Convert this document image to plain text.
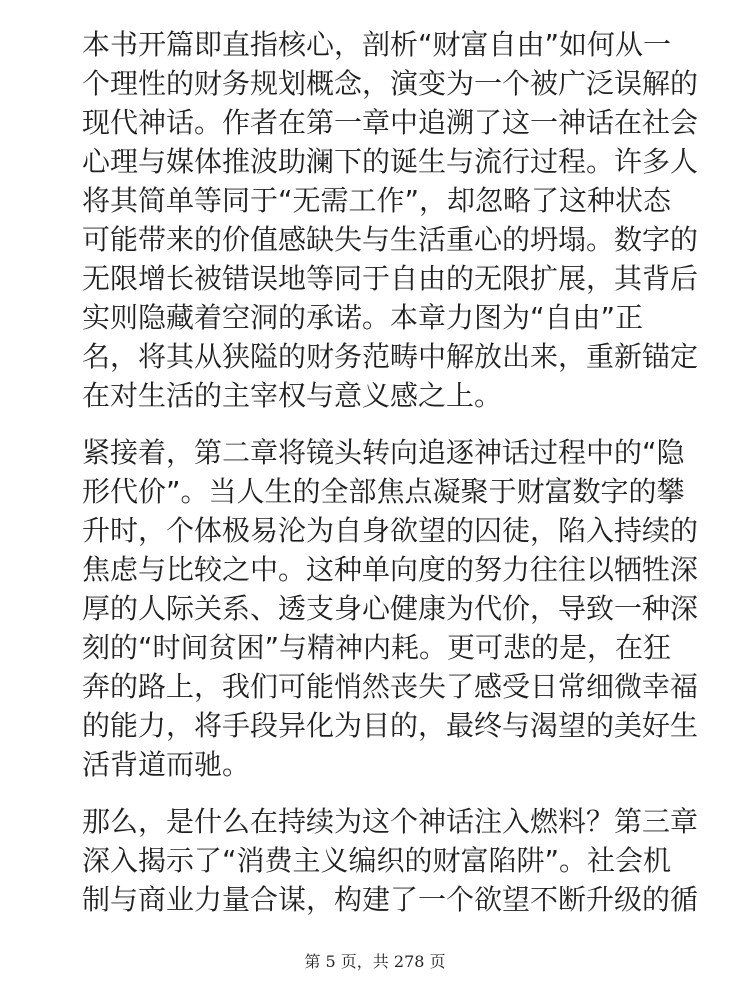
本书开篇即直指核心，剖析“财富自由”如何从一
个理性的财务规划概念，演变为一个被广泛误解的
现代神话。作者在第一章中追溯了这一神话在社会
心理与媒体推波助澜下的诞生与流行过程。许多人
将其简单等同于“无需工作”，却忽略了这种状态
可能带来的价值感缺失与生活重心的坍塌。数字的
无限增长被错误地等同于自由的无限扩展，其背后
实则隐藏着空洞的承诺。本章力图为“自由”正
名，将其从狭隘的财务范畴中解放出来，重新锚定
在对生活的主宰权与意义感之上。
紧接着，第二章将镜头转向追逐神话过程中的“隐
形代价”。当人生的全部焦点凝聚于财富数字的攀
升时，个体极易沦为自身欲望的囚徒，陷入持续的
焦虑与比较之中。这种单向度的努力往往以牺牲深
厚的人际关系、透支身心健康为代价，导致一种深
刻的“时间贫困”与精神内耗。更可悲的是，在狂
奔的路上，我们可能悄然丧失了感受日常细微幸福
的能力，将手段异化为目的，最终与渴望的美好生
活背道而驰。
那么，是什么在持续为这个神话注入燃料？第三章
深入揭示了“消费主义编织的财富陷阱”。社会机
制与商业力量合谋，构建了一个欲望不断升级的循
第 5 页，共 278 页
